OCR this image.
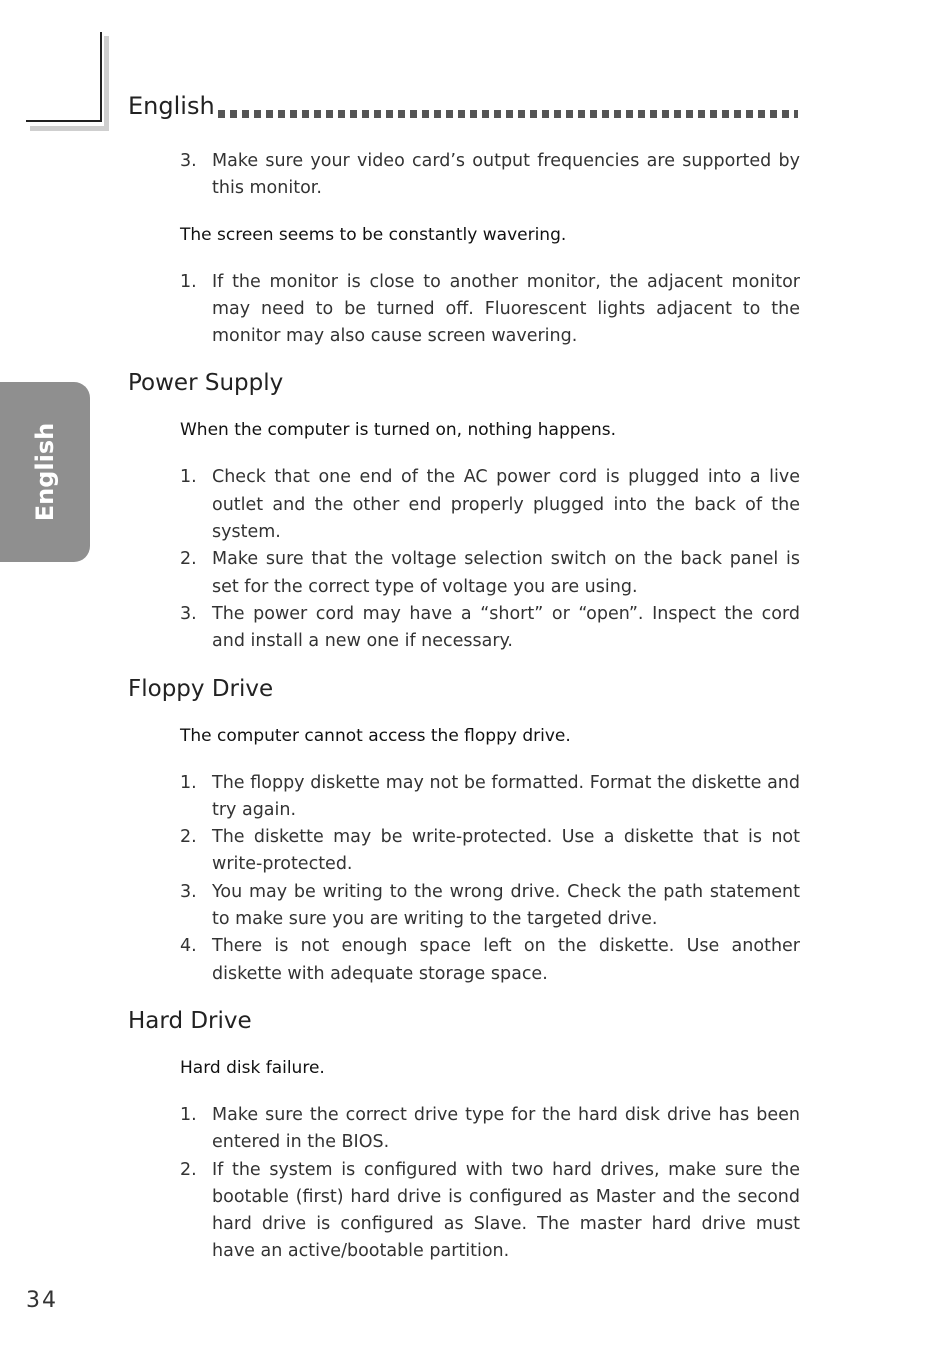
English
English
3. Make sure your video card’s output frequencies are supported by this monitor.
The screen seems to be constantly wavering.
1. If the monitor is close to another monitor, the adjacent monitor may need to be turned off. Fluorescent lights adjacent to the monitor may also cause screen wavering.
Power Supply
When the computer is turned on, nothing happens.
1. Check that one end of the AC power cord is plugged into a live outlet and the other end properly plugged into the back of the system.
2. Make sure that the voltage selection switch on the back panel is set for the correct type of voltage you are using.
3. The power cord may have a “short” or “open”. Inspect the cord and install a new one if necessary.
Floppy Drive
The computer cannot access the floppy drive.
1. The floppy diskette may not be formatted. Format the diskette and try again.
2. The diskette may be write-protected. Use a diskette that is not write-protected.
3. You may be writing to the wrong drive. Check the path statement to make sure you are writing to the targeted drive.
4. There is not enough space left on the diskette. Use another diskette with adequate storage space.
Hard Drive
Hard disk failure.
1. Make sure the correct drive type for the hard disk drive has been entered in the BIOS.
2. If the system is configured with two hard drives, make sure the bootable (first) hard drive is configured as Master and the second hard drive is configured as Slave. The master hard drive must have an active/bootable partition.
34
